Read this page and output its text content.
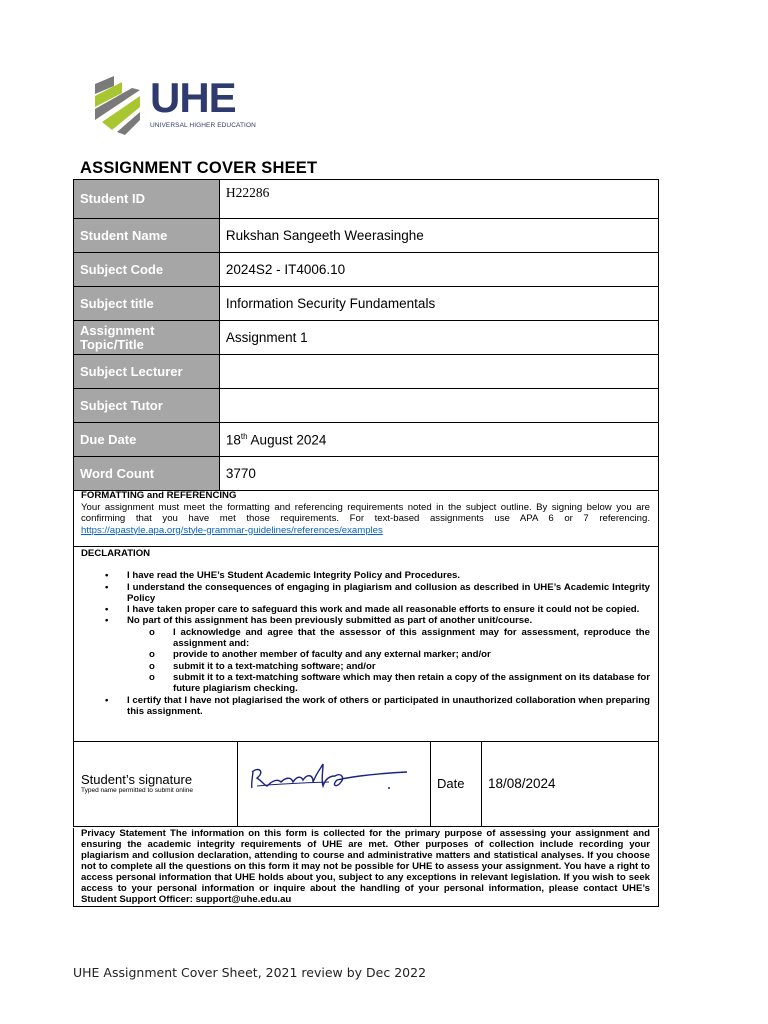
UHE
UNIVERSAL HIGHER EDUCATION
ASSIGNMENT COVER SHEET
Student ID	H22286
Student Name	Rukshan Sangeeth Weerasinghe
Subject Code	2024S2 - IT4006.10
Subject title	Information Security Fundamentals
Assignment Topic/Title	Assignment 1
Subject Lecturer	
Subject Tutor	
Due Date	18th August 2024
Word Count	3770
FORMATTING and REFERENCING

Your assignment must meet the formatting and referencing requirements noted in the subject outline. By signing below you are confirming that you have met those requirements. For text-based assignments use APA 6 or 7 referencing. https://apastyle.apa.org/style-grammar-guidelines/references/examples

DECLARATION
• I have read the UHE’s Student Academic Integrity Policy and Procedures.
• I understand the consequences of engaging in plagiarism and collusion as described in UHE’s Academic Integrity Policy
• I have taken proper care to safeguard this work and made all reasonable efforts to ensure it could not be copied.
• No part of this assignment has been previously submitted as part of another unit/course.
o I acknowledge and agree that the assessor of this assignment may for assessment, reproduce the assignment and:
o provide to another member of faculty and any external marker; and/or
o submit it to a text-matching software; and/or
o submit it to a text-matching software which may then retain a copy of the assignment on its database for future plagiarism checking.
• I certify that I have not plagiarised the work of others or participated in unauthorized collaboration when preparing this assignment.
Student’s signature
Typed name permitted to submit online	Date 18/08/2024
Privacy Statement The information on this form is collected for the primary purpose of assessing your assignment and ensuring the academic integrity requirements of UHE are met. Other purposes of collection include recording your plagiarism and collusion declaration, attending to course and administrative matters and statistical analyses. If you choose not to complete all the questions on this form it may not be possible for UHE to assess your assignment. You have a right to access personal information that UHE holds about you, subject to any exceptions in relevant legislation. If you wish to seek access to your personal information or inquire about the handling of your personal information, please contact UHE’s Student Support Officer: support@uhe.edu.au
UHE Assignment Cover Sheet, 2021 review by Dec 2022
